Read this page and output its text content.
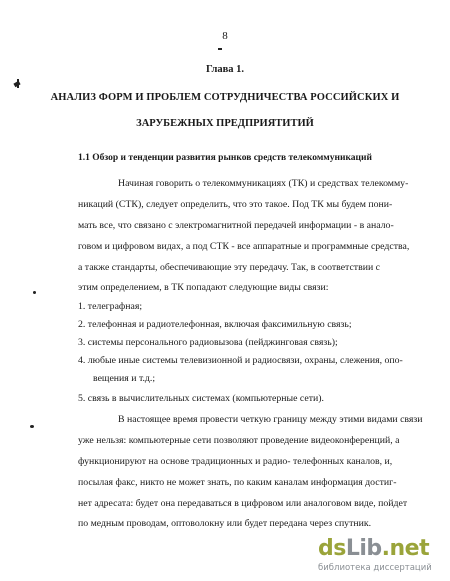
8
Глава 1.
АНАЛИЗ ФОРМ И ПРОБЛЕМ СОТРУДНИЧЕСТВА РОССИЙСКИХ И
ЗАРУБЕЖНЫХ ПРЕДПРИЯТИТИЙ
1.1 Обзор и тенденции развития рынков средств телекоммуникаций
Начиная говорить о телекоммуникациях (ТК) и средствах телекомму-
никаций (СТК), следует определить, что это такое. Под ТК мы будем пони-
мать все, что связано с электромагнитной передачей информации - в анало-
говом и цифровом видах, а под СТК - все аппаратные и программные средства,
а также стандарты, обеспечивающие эту передачу. Так, в соответствии с
этим определением, в ТК попадают следующие виды связи:
1. телеграфная;
2. телефонная и радиотелефонная, включая факсимильную связь;
3. системы персонального радиовызова (пейджинговая связь);
4. любые иные системы телевизионной и радиосвязи, охраны, слежения, опо-
вещения и т.д.;
5. связь в вычислительных системах (компьютерные сети).
В настоящее время провести четкую границу между этими видами связи
уже нельзя: компьютерные сети позволяют проведение видеоконференций, а
функционируют на основе традиционных и радио- телефонных каналов, и,
посылая факс, никто не может знать, по каким каналам информация достиг-
нет адресата: будет она передаваться в цифровом или аналоговом виде, пойдет
по медным проводам, оптоволокну или будет передана через спутник.
dsLib.net
библиотека диссертаций
